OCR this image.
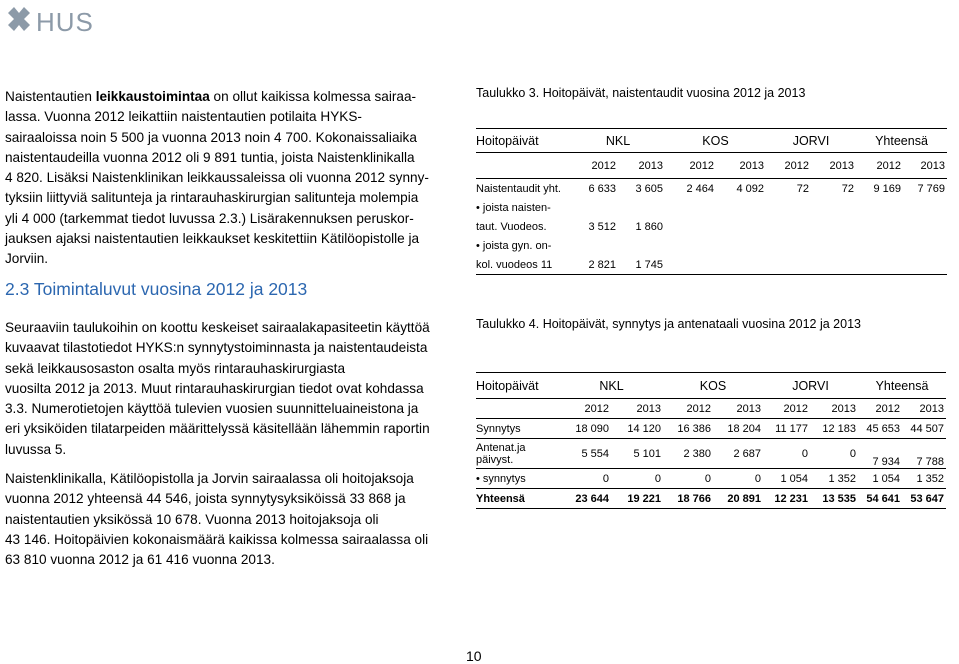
HUS

Naistentautien leikkaustoimintaa on ollut kaikissa kolmessa sairaa-

lassa. Vuonna 2012 leikattiin naistentautien potilaita HYKS-

sairaaloissa noin 5 500 ja vuonna 2013 noin 4 700. Kokonaissaliaika

naistentaudeilla vuonna 2012 oli 9 891 tuntia, joista Naistenklinikalla

4 820. Lisäksi Naistenklinikan leikkaussaleissa oli vuonna 2012 synny-

tyksiin liittyviä salitunteja ja rintarauhaskirurgian salitunteja molempia

yli 4 000 (tarkemmat tiedot luvussa 2.3.) Lisärakennuksen peruskor-

jauksen ajaksi naistentautien leikkaukset keskitettiin Kätilöopistolle ja

Jorviin.

2.3 Toimintaluvut vuosina 2012 ja 2013

Seuraaviin taulukoihin on koottu keskeiset sairaalakapasiteetin käyttöä

kuvaavat tilastotiedot HYKS:n synnytystoiminnasta ja naistentaudeista

sekä leikkausosaston osalta myös rintarauhaskirurgiasta

vuosilta 2012 ja 2013. Muut rintarauhaskirurgian tiedot ovat kohdassa

3.3. Numerotietojen käyttöä tulevien vuosien suunnitteluaineistona ja

eri yksiköiden tilatarpeiden määrittelyssä käsitellään lähemmin raportin

luvussa 5.

Naistenklinikalla, Kätilöopistolla ja Jorvin sairaalassa oli hoitojaksoja

vuonna 2012 yhteensä 44 546, joista synnytysyksiköissä 33 868 ja

naistentautien yksikössä 10 678. Vuonna 2013 hoitojaksoja oli

43 146. Hoitopäivien kokonaismäärä kaikissa kolmessa sairaalassa oli

63 810 vuonna 2012 ja 61 416 vuonna 2013.

Taulukko 3. Hoitopäivät, naistentaudit vuosina 2012 ja 2013
Hoitopäivät	NKL		KOS		JORVI		Yhteensä	
	2012	2013	2012	2013	2012	2013	2012	2013
Naistentaudit yht.	6 633	3 605	2 464	4 092	72	72	9 169	7 769
• joista naisten-								
taut. Vuodeos.	3 512	1 860						
• joista gyn. on-								
kol. vuodeos 11	2 821	1 745						
Taulukko 4. Hoitopäivät, synnytys ja antenataali vuosina 2012 ja 2013
Hoitopäivät	NKL		KOS		JORVI		Yhteensä	
	2012	2013	2012	2013	2012	2013	2012	2013
Synnytys	18 090	14 120	16 386	18 204	11 177	12 183	45 653	44 507

Antenat.ja
päivyst.	5 554	5 101	2 380	2 687	0	0	7 934	7 788
• synnytys	0	0	0	0	1 054	1 352	1 054	1 352
Yhteensä	23 644	19 221	18 766	20 891	12 231	13 535	54 641	53 647
10
